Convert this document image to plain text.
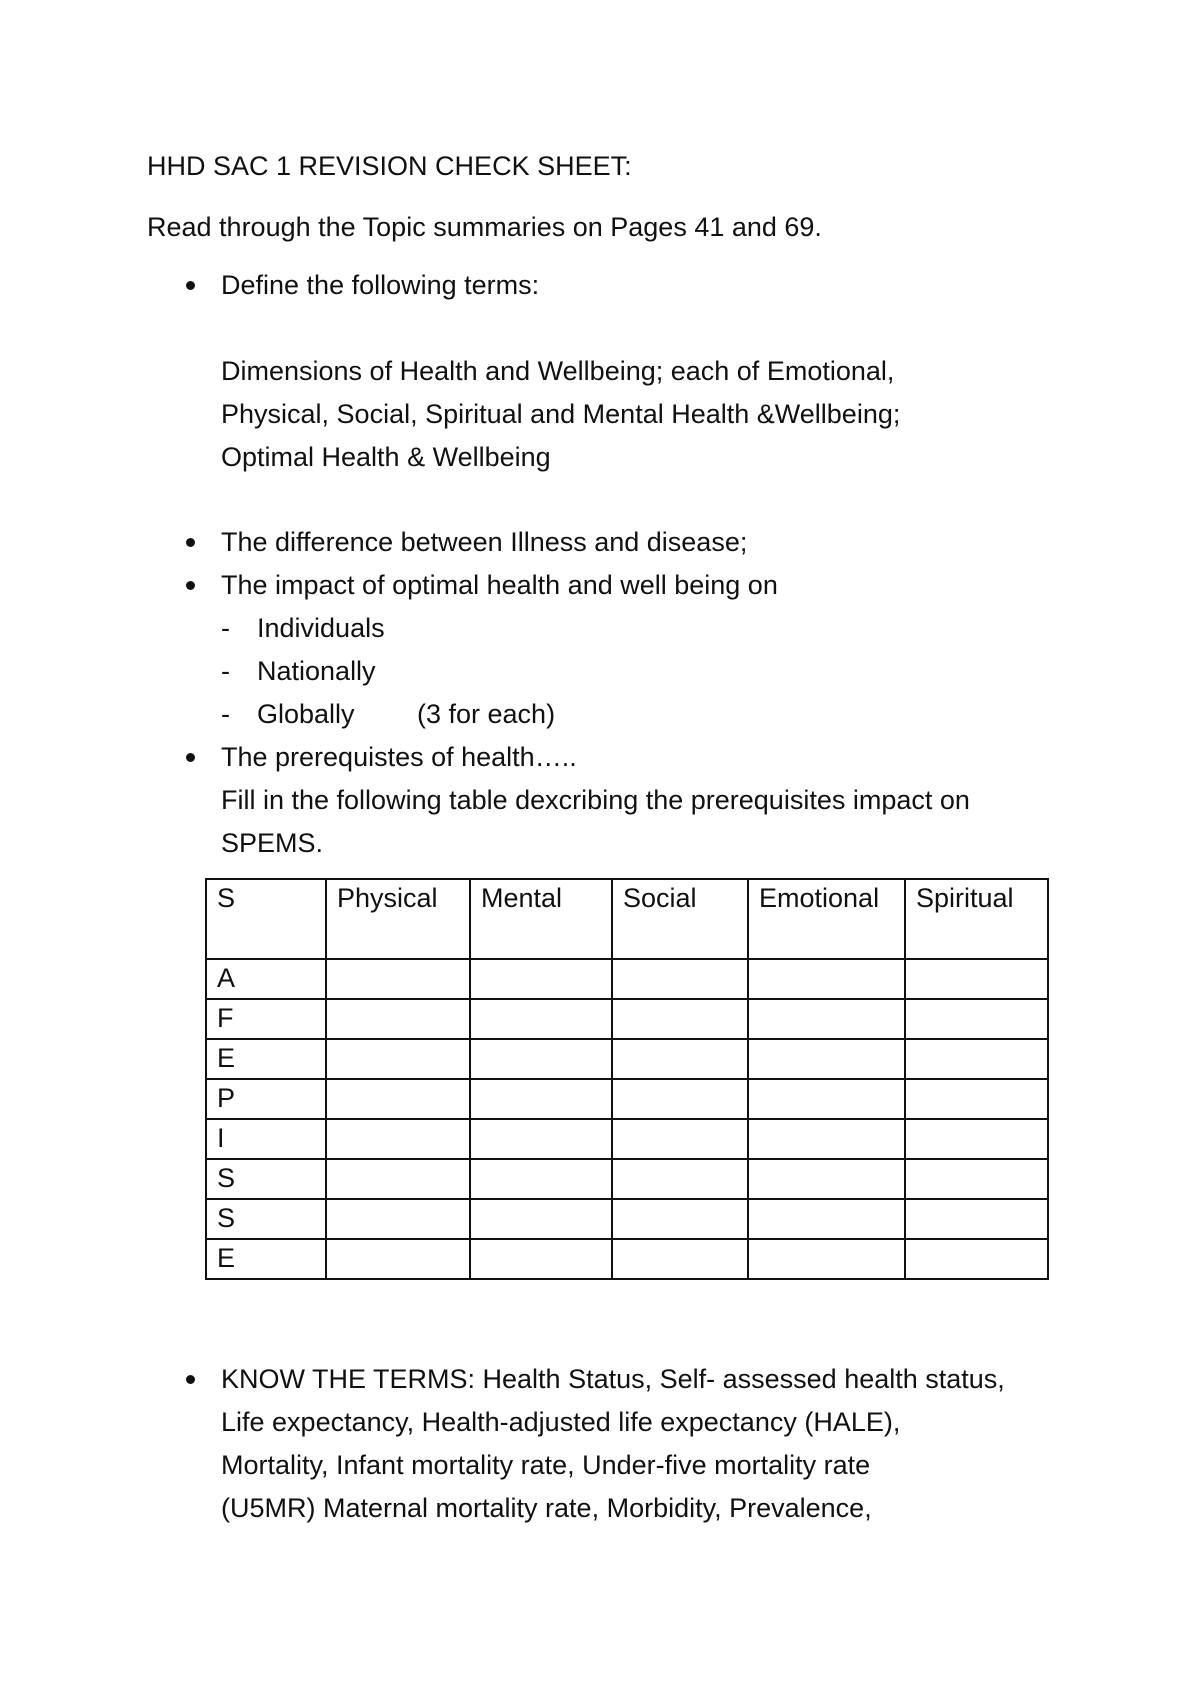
HHD SAC 1 REVISION CHECK SHEET:
Read through the Topic summaries on Pages 41 and 69.
Define the following terms:
Dimensions of Health and Wellbeing; each of Emotional,
Physical, Social, Spiritual and Mental Health &Wellbeing;
Optimal Health & Wellbeing
The difference between Illness and disease;
The impact of optimal health and well being on
- Individuals
- Nationally
- Globally (3 for each)
The prerequistes of health…..
Fill in the following table dexcribing the prerequisites impact on
SPEMS.
S	Physical	Mental	Social	Emotional	Spiritual
A					
F					
E					
P					
I					
S					
S					
E					
KNOW THE TERMS: Health Status, Self- assessed health status,
Life expectancy, Health-adjusted life expectancy (HALE),
Mortality, Infant mortality rate, Under-five mortality rate
(U5MR) Maternal mortality rate, Morbidity, Prevalence,
